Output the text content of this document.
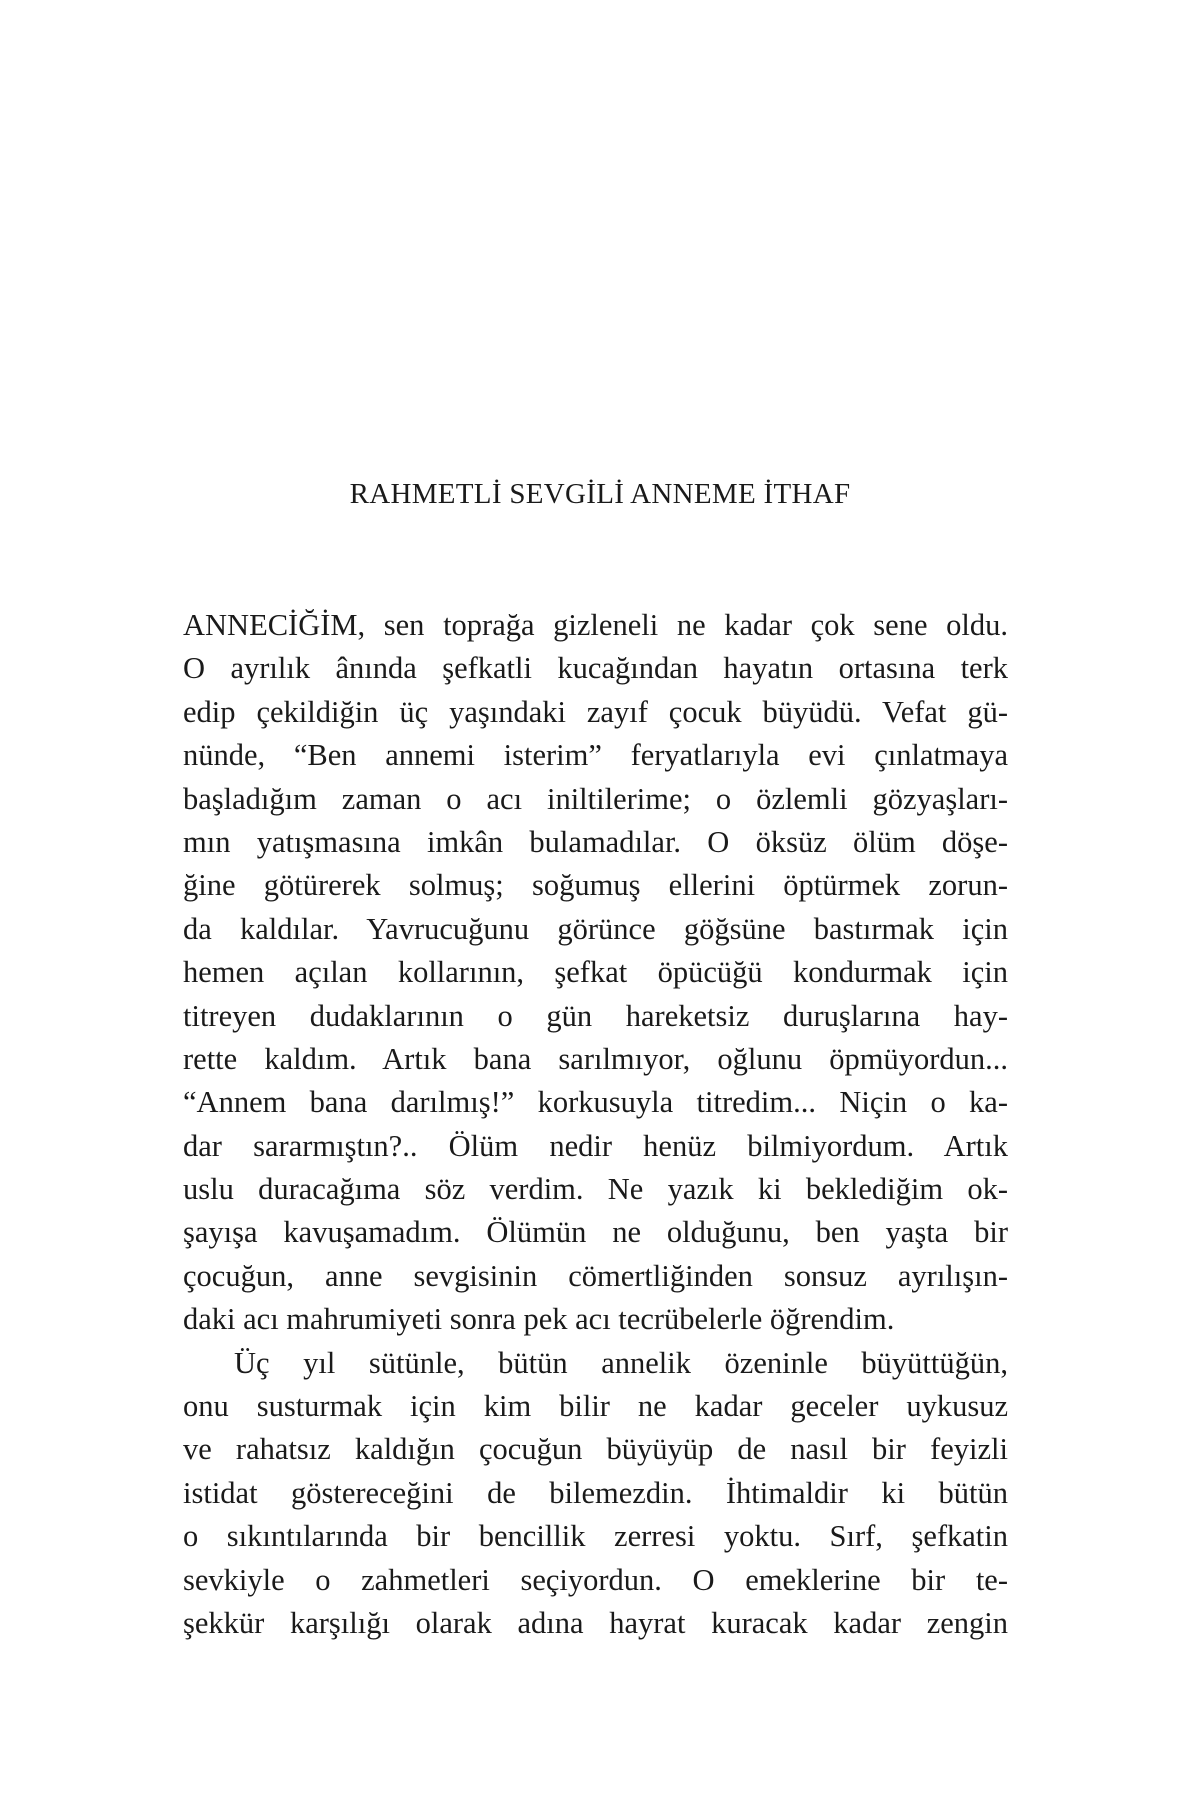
RAHMETLİ SEVGİLİ ANNEME İTHAF
ANNECİĞİM, sen toprağa gizleneli ne kadar çok sene oldu.
O ayrılık ânında şefkatli kucağından hayatın ortasına terk
edip çekildiğin üç yaşındaki zayıf çocuk büyüdü. Vefat gü-
nünde, “Ben annemi isterim” feryatlarıyla evi çınlatmaya
başladığım zaman o acı iniltilerime; o özlemli gözyaşları-
mın yatışmasına imkân bulamadılar. O öksüz ölüm döşe-
ğine götürerek solmuş; soğumuş ellerini öptürmek zorun-
da kaldılar. Yavrucuğunu görünce göğsüne bastırmak için
hemen açılan kollarının, şefkat öpücüğü kondurmak için
titreyen dudaklarının o gün hareketsiz duruşlarına hay-
rette kaldım. Artık bana sarılmıyor, oğlunu öpmüyordun...
“Annem bana darılmış!” korkusuyla titredim... Niçin o ka-
dar sararmıştın?.. Ölüm nedir henüz bilmiyordum. Artık
uslu duracağıma söz verdim. Ne yazık ki beklediğim ok-
şayışa kavuşamadım. Ölümün ne olduğunu, ben yaşta bir
çocuğun, anne sevgisinin cömertliğinden sonsuz ayrılışın-
daki acı mahrumiyeti sonra pek acı tecrübelerle öğrendim.
Üç yıl sütünle, bütün annelik özeninle büyüttüğün,
onu susturmak için kim bilir ne kadar geceler uykusuz
ve rahatsız kaldığın çocuğun büyüyüp de nasıl bir feyizli
istidat göstereceğini de bilemezdin. İhtimaldir ki bütün
o sıkıntılarında bir bencillik zerresi yoktu. Sırf, şefkatin
sevkiyle o zahmetleri seçiyordun. O emeklerine bir te-
şekkür karşılığı olarak adına hayrat kuracak kadar zengin
